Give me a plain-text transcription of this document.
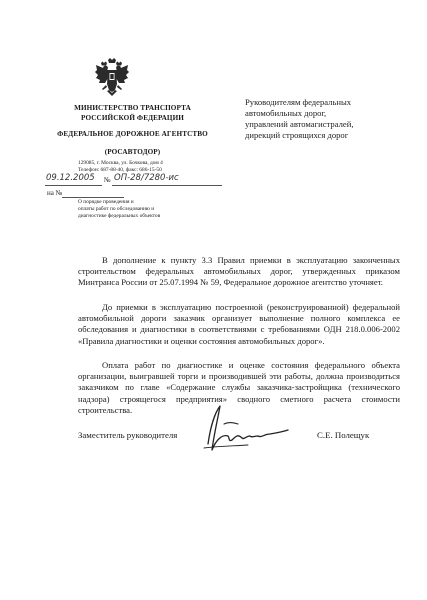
МИНИСТЕРСТВО ТРАНСПОРТА
РОССИЙСКОЙ ФЕДЕРАЦИИ
ФЕДЕРАЛЬНОЕ ДОРОЖНОЕ АГЕНТСТВО
(РОСАВТОДОР)
129085, г. Москва, ул. Бочкова, дом 4
Телефон: 687-88-40, факс: 686-15-50
09.12.2005 № ОП-28/7280-ис
на №
О порядке проведения и
оплаты работ по обследованию и
диагностике федеральных объектов
Руководителям федеральных
автомобильных дорог,
управлений автомагистралей,
дирекций строящихся дорог

В дополнение к пункту 3.3 Правил приемки в эксплуатацию законченных строительством федеральных автомобильных дорог, утвержденных приказом Минтранса России от 25.07.1994 № 59, Федеральное дорожное агентство уточняет.

До приемки в эксплуатацию построенной (реконструированной) федеральной автомобильной дороги заказчик организует выполнение полного комплекса ее обследования и диагностики в соответствиями с требованиями ОДН 218.0.006-2002 «Правила диагностики и оценки состояния автомобильных дорог».

Оплата работ по диагностике и оценке состояния федерального объекта организации, выигравшей торги и производившей эти работы, должна производиться заказчиком по главе «Содержание службы заказчика-застройщика (технического надзора) строящегося предприятия» сводного сметного расчета стоимости строительства.

Заместитель руководителя	С.Е. Полещук
